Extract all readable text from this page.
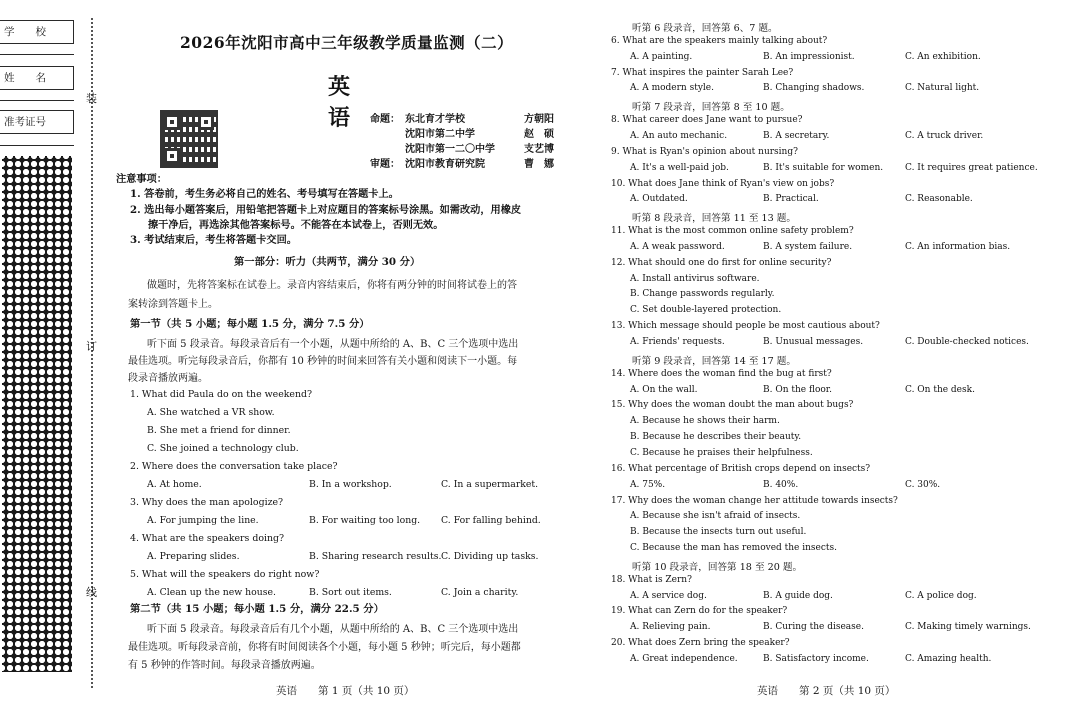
学　　校
姓　　名
准考证号
装
订
线
2026年沈阳市高中三年级教学质量监测（二）
英　语 命题： 东北育才学校	方朝阳
沈阳市第二中学	赵　硕
沈阳市第一二〇中学	支艺博
审题： 沈阳市教育研究院	曹　娜
注意事项：
1. 答卷前，考生务必将自己的姓名、考号填写在答题卡上。
2. 选出每小题答案后，用铅笔把答题卡上对应题目的答案标号涂黑。如需改动，用橡皮
擦干净后，再选涂其他答案标号。不能答在本试卷上，否则无效。
3. 考试结束后，考生将答题卡交回。
第一部分：听力（共两节，满分 30 分）
做题时，先将答案标在试卷上。录音内容结束后，你将有两分钟的时间将试卷上的答
案转涂到答题卡上。
第一节（共 5 小题；每小题 1.5 分，满分 7.5 分）
听下面 5 段录音。每段录音后有一个小题，从题中所给的 A、B、C 三个选项中选出
最佳选项。听完每段录音后，你都有 10 秒钟的时间来回答有关小题和阅读下一小题。每
段录音播放两遍。
1. What did Paula do on the weekend?
A. She watched a VR show.
B. She met a friend for dinner.
C. She joined a technology club.
2. Where does the conversation take place?
A. At home.	B. In a workshop.	C. In a supermarket.
3. Why does the man apologize?
A. For jumping the line.	B. For waiting too long. C. For falling behind.
4. What are the speakers doing?
A. Preparing slides.	B. Sharing research results. C. Dividing up tasks.
5. What will the speakers do right now?
A. Clean up the new house.	B. Sort out items.	C. Join a charity.
第二节（共 15 小题；每小题 1.5 分，满分 22.5 分）
听下面 5 段录音。每段录音后有几个小题，从题中所给的 A、B、C 三个选项中选出
最佳选项。听每段录音前，你将有时间阅读各个小题，每小题 5 秒钟；听完后，每小题都
有 5 秒钟的作答时间。每段录音播放两遍。
英语　　第 1 页（共 10 页）
听第 6 段录音，回答第 6、7 题。
6. What are the speakers mainly talking about?
A. A painting.	B. An impressionist.	C. An exhibition.
7. What inspires the painter Sarah Lee?
A. A modern style.	B. Changing shadows.	C. Natural light.
听第 7 段录音，回答第 8 至 10 题。
8. What career does Jane want to pursue?
A. An auto mechanic.	B. A secretary.	C. A truck driver.
9. What is Ryan's opinion about nursing?
A. It's a well-paid job.	B. It's suitable for women. C. It requires great patience.
10. What does Jane think of Ryan's view on jobs?
A. Outdated.	B. Practical.	C. Reasonable.
听第 8 段录音，回答第 11 至 13 题。
11. What is the most common online safety problem?
A. A weak password.	B. A system failure.	C. An information bias.
12. What should one do first for online security?
A. Install antivirus software.
B. Change passwords regularly.
C. Set double-layered protection.
13. Which message should people be most cautious about?
A. Friends' requests.	B. Unusual messages.	C. Double-checked notices.
听第 9 段录音，回答第 14 至 17 题。
14. Where does the woman find the bug at first?
A. On the wall.	B. On the floor.	C. On the desk.
15. Why does the woman doubt the man about bugs?
A. Because he shows their harm.
B. Because he describes their beauty.
C. Because he praises their helpfulness.
16. What percentage of British crops depend on insects?
A. 75%.	B. 40%.	C. 30%.
17. Why does the woman change her attitude towards insects?
A. Because she isn't afraid of insects.
B. Because the insects turn out useful.
C. Because the man has removed the insects.
听第 10 段录音，回答第 18 至 20 题。
18. What is Zern?
A. A service dog.	B. A guide dog.	C. A police dog.
19. What can Zern do for the speaker?
A. Relieving pain.	B. Curing the disease.	C. Making timely warnings.
20. What does Zern bring the speaker?
A. Great independence.	B. Satisfactory income.	C. Amazing health.
英语　　第 2 页（共 10 页）
